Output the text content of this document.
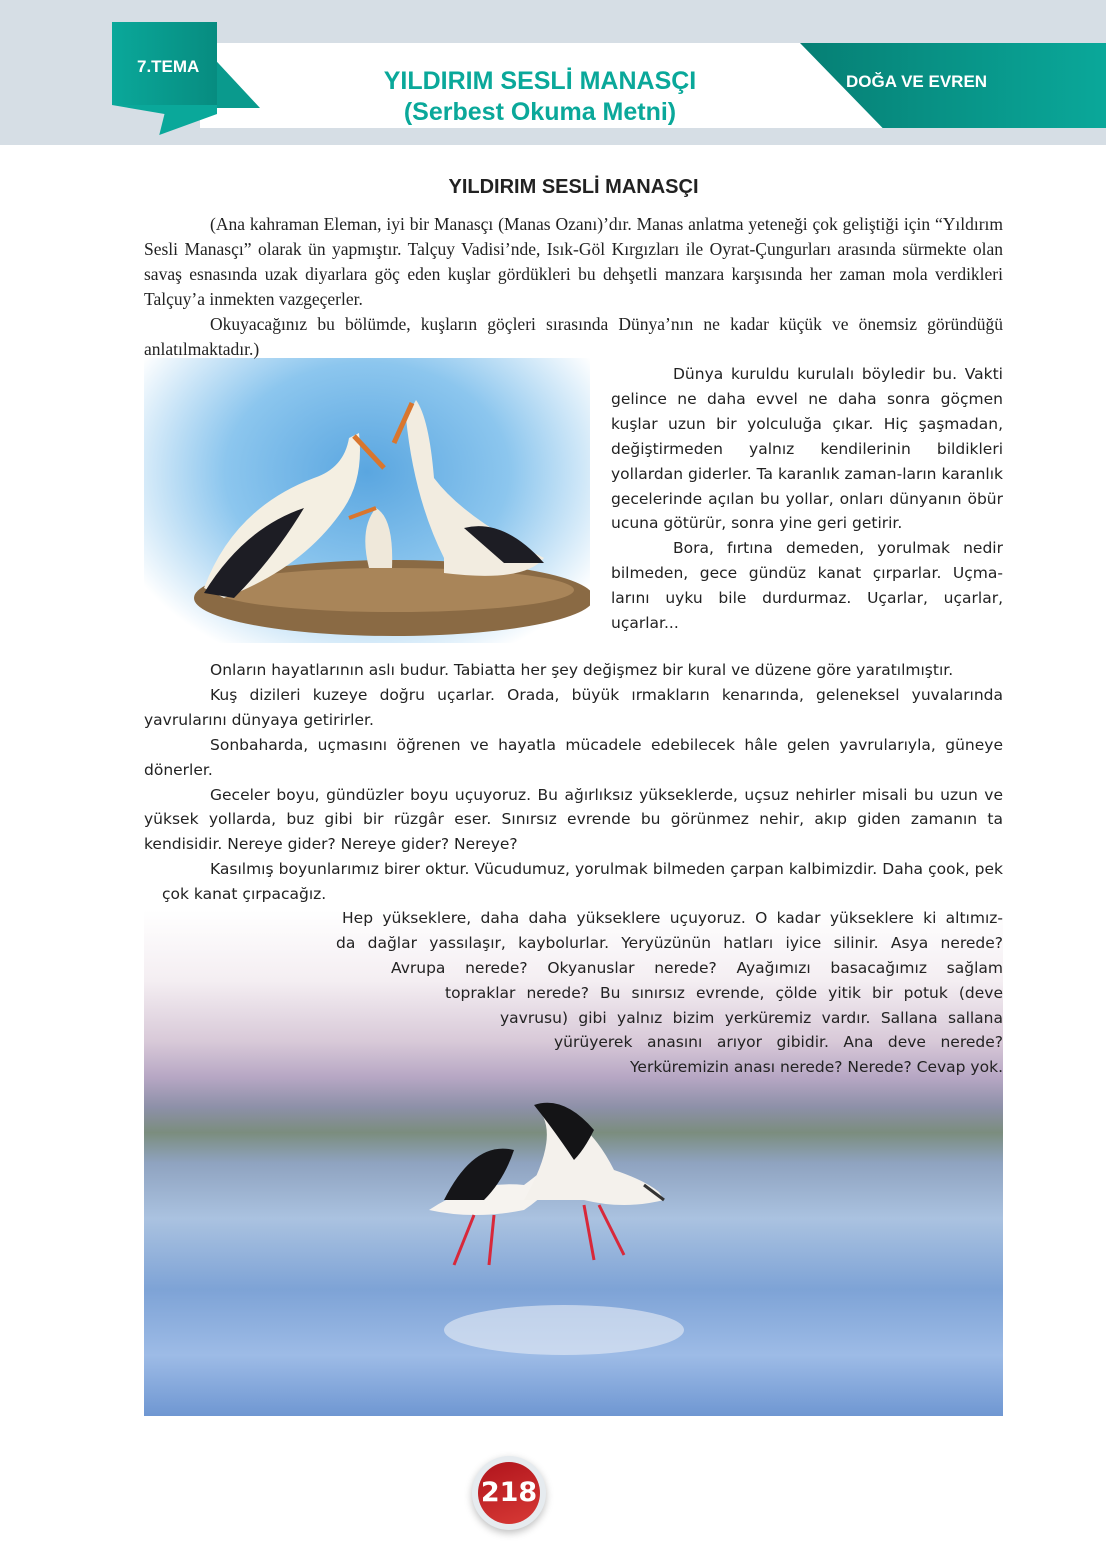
7.TEMA
DOĞA VE EVREN
YILDIRIM SESLİ MANASÇI
(Serbest Okuma Metni)
YILDIRIM SESLİ MANASÇI

(Ana kahraman Eleman, iyi bir Manasçı (Manas Ozanı)’dır. Manas anlatma yeteneği çok geliştiği için “Yıldırım Sesli Manasçı” olarak ün yapmıştır. Talçuy Vadisi’nde, Isık-Göl Kırgızları ile Oyrat-Çungurları arasında sürmekte olan savaş esnasında uzak diyarlara göç eden kuşlar gördükleri bu dehşetli manzara karşısında her zaman mola verdikleri Talçuy’a inmekten vazgeçerler.

Okuyacağınız bu bölümde, kuşların göçleri sırasında Dünya’nın ne kadar küçük ve önemsiz göründüğü anlatılmaktadır.)

Dünya kuruldu kurulalı böyledir bu. Vakti gelince ne daha evvel ne daha sonra göçmen kuşlar uzun bir yolculuğa çıkar. Hiç şaşmadan, değiştirmeden yalnız kendilerinin bildikleri yollardan giderler. Ta karanlık zaman-ların karanlık gecelerinde açılan bu yollar, onları dünyanın öbür ucuna götürür, sonra yine geri getirir.

Bora, fırtına demeden, yorulmak nedir bilmeden, gece gündüz kanat çırparlar. Uçma-larını uyku bile durdurmaz. Uçarlar, uçarlar, uçarlar...

Onların hayatlarının aslı budur. Tabiatta her şey değişmez bir kural ve düzene göre yaratılmıştır.

Kuş dizileri kuzeye doğru uçarlar. Orada, büyük ırmakların kenarında, geleneksel yuvalarında yavrularını dünyaya getirirler.

Sonbaharda, uçmasını öğrenen ve hayatla mücadele edebilecek hâle gelen yavrularıyla, güneye dönerler.

Geceler boyu, gündüzler boyu uçuyoruz. Bu ağırlıksız yükseklerde, uçsuz nehirler misali bu uzun ve yüksek yollarda, buz gibi bir rüzgâr eser. Sınırsız evrende bu görünmez nehir, akıp giden zamanın ta kendisidir. Nereye gider? Nereye gider? Nereye?

Kasılmış boyunlarımız birer oktur. Vücudumuz, yorulmak bilmeden çarpan kalbimizdir. Daha çook, pek çok kanat çırpacağız.

Hep yükseklere, daha daha yükseklere uçuyoruz. O kadar yükseklere ki altımız-
da dağlar yassılaşır, kaybolurlar. Yeryüzünün hatları iyice silinir. Asya nerede?
Avrupa nerede? Okyanuslar nerede? Ayağımızı basacağımız sağlam
topraklar nerede? Bu sınırsız evrende, çölde yitik bir potuk (deve
yavrusu) gibi yalnız bizim yerküremiz vardır. Sallana sallana
yürüyerek anasını arıyor gibidir. Ana deve nerede?
Yerküremizin anası nerede? Nerede? Cevap yok.
218
